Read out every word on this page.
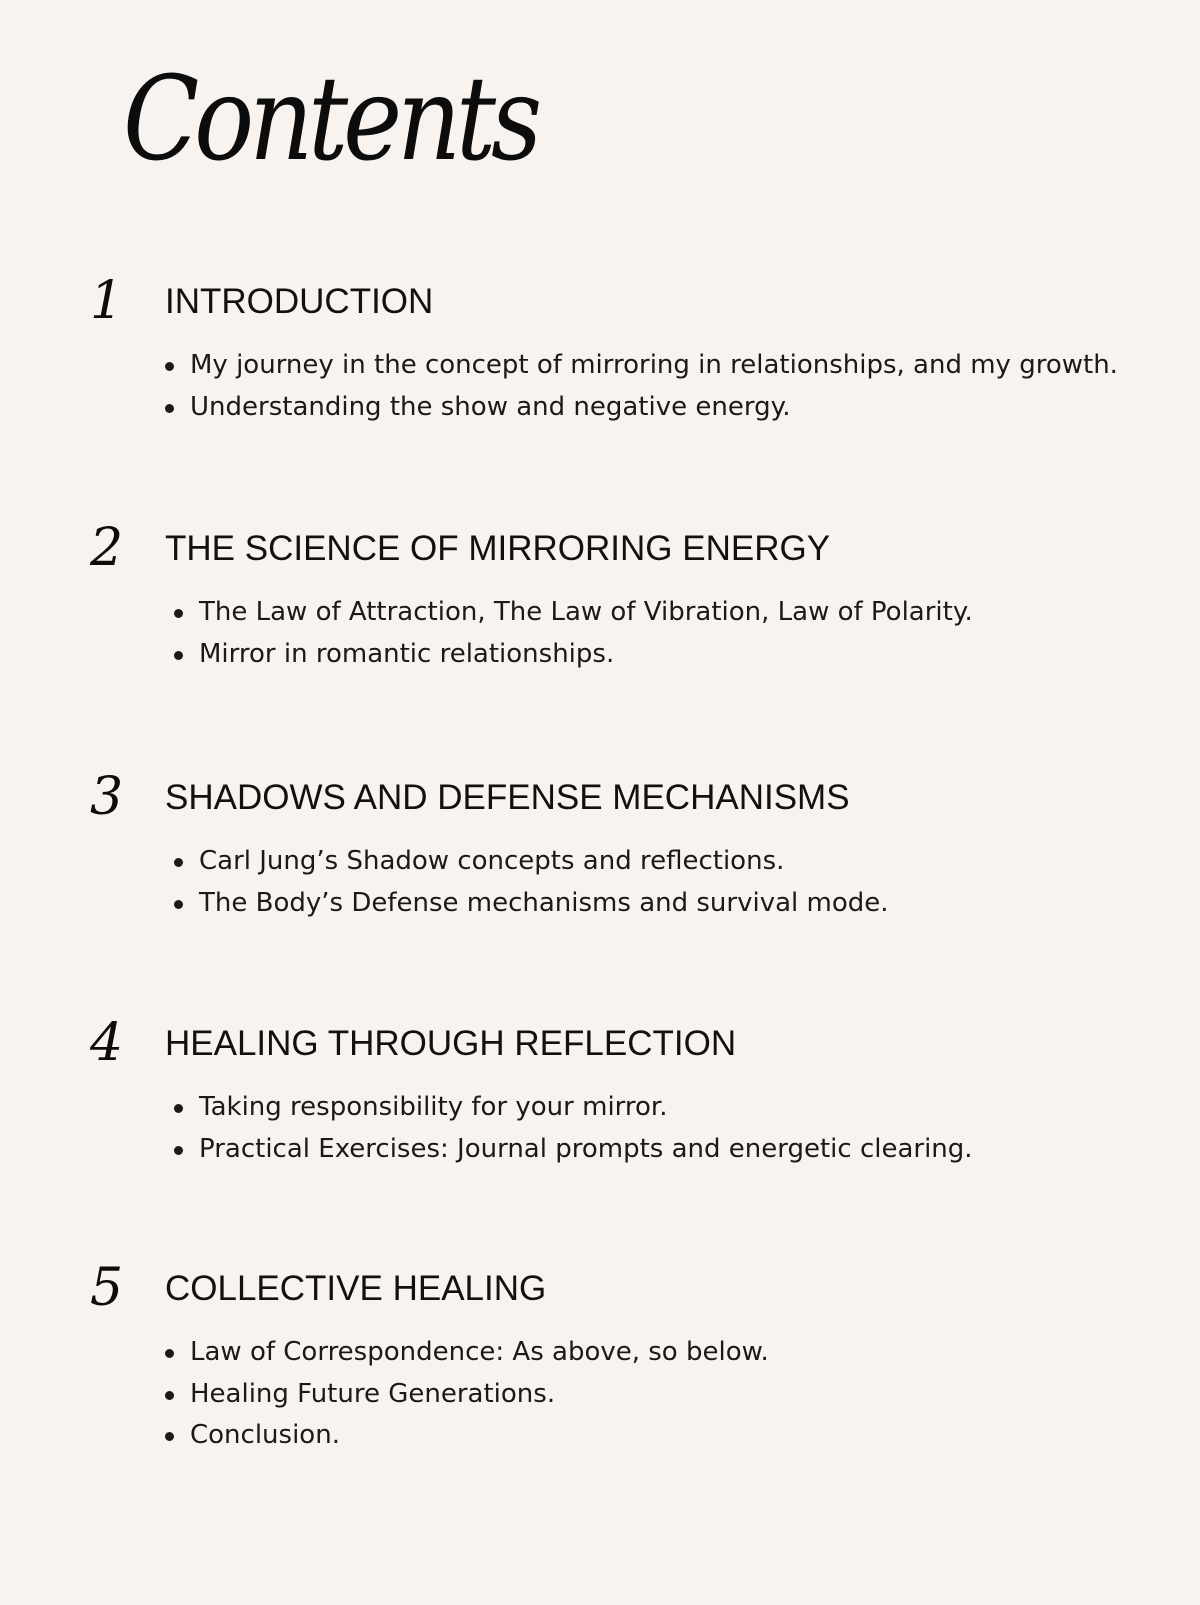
Contents
1	INTRODUCTION
My journey in the concept of mirroring in relationships, and my growth.
Understanding the show and negative energy.
2	THE SCIENCE OF MIRRORING ENERGY
The Law of Attraction, The Law of Vibration, Law of Polarity.
Mirror in romantic relationships.
3	SHADOWS AND DEFENSE MECHANISMS
Carl Jung’s Shadow concepts and reflections.
The Body’s Defense mechanisms and survival mode.
4	HEALING THROUGH REFLECTION
Taking responsibility for your mirror.
Practical Exercises: Journal prompts and energetic clearing.
5	COLLECTIVE HEALING
Law of Correspondence: As above, so below.
Healing Future Generations.
Conclusion.
